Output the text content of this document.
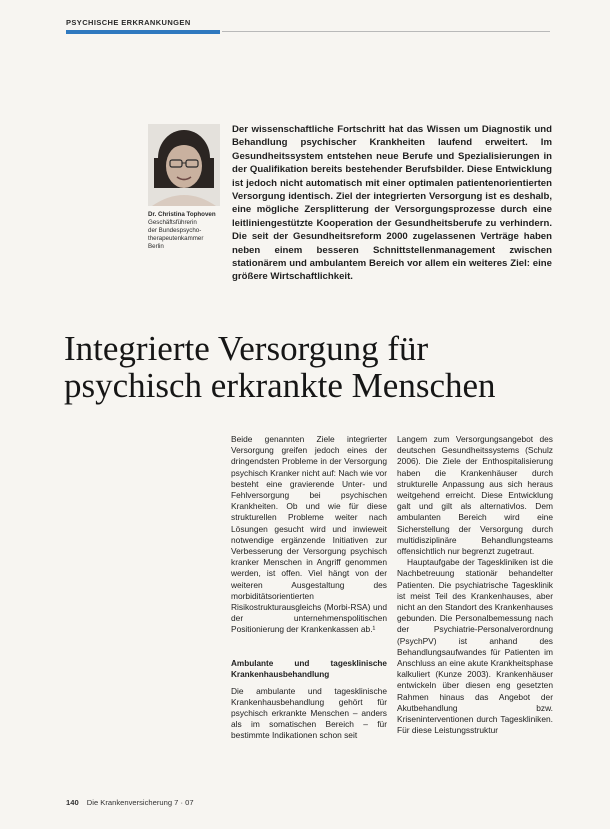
PSYCHISCHE ERKRANKUNGEN
Dr. Christina Tophoven
Geschäftsführerin
der Bundespsycho-
therapeutenkammer
Berlin
Der wissenschaftliche Fortschritt hat das Wissen um Diagnostik und Behandlung psychischer Krankheiten laufend erweitert. Im Gesundheitssystem entstehen neue Berufe und Spezialisierungen in der Qualifikation bereits bestehender Berufsbilder. Diese Entwicklung ist jedoch nicht automatisch mit einer optimalen patientenorientierten Versorgung identisch. Ziel der integrierten Versorgung ist es deshalb, eine mögliche Zersplitterung der Versorgungsprozesse durch eine leitliniengestützte Kooperation der Gesundheitsberufe zu verhindern. Die seit der Gesundheitsreform 2000 zugelassenen Verträge haben neben einem besseren Schnittstellenmanagement zwischen stationärem und ambulantem Bereich vor allem ein weiteres Ziel: eine größere Wirtschaftlichkeit.
Integrierte Versorgung für psychisch erkrankte Menschen

Beide genannten Ziele integrierter Versorgung greifen jedoch eines der dringendsten Probleme in der Versorgung psychisch Kranker nicht auf: Nach wie vor besteht eine gravierende Unter- und Fehlversorgung bei psychischen Krankheiten. Ob und wie für diese strukturellen Probleme weiter nach Lösungen gesucht wird und inwieweit notwendige ergänzende Initiativen zur Verbesserung der Versorgung psychisch kranker Menschen in Angriff genommen werden, ist offen. Viel hängt von der weiteren Ausgestaltung des morbiditätsorientierten Risikostrukturausgleichs (Morbi-RSA) und der unternehmenspolitischen Positionierung der Krankenkassen ab.¹

Ambulante und tagesklinische Krankenhausbehandlung

Die ambulante und tagesklinische Krankenhausbehandlung gehört für psychisch erkrankte Menschen – anders als im somatischen Bereich – für bestimmte Indikationen schon seit

Langem zum Versorgungsangebot des deutschen Gesundheitssystems (Schulz 2006). Die Ziele der Enthospitalisierung haben die Krankenhäuser durch strukturelle Anpassung aus sich heraus weitgehend erreicht. Diese Entwicklung galt und gilt als alternativlos. Dem ambulanten Bereich wird eine Sicherstellung der Versorgung durch multidisziplinäre Behandlungsteams offensichtlich nur begrenzt zugetraut.

Hauptaufgabe der Tageskliniken ist die Nachbetreuung stationär behandelter Patienten. Die psychiatrische Tagesklinik ist meist Teil des Krankenhauses, aber nicht an den Standort des Krankenhauses gebunden. Die Personalbemessung nach der Psychiatrie-Personalverordnung (PsychPV) ist anhand des Behandlungsaufwandes für Patienten im Anschluss an eine akute Krankheitsphase kalkuliert (Kunze 2003). Krankenhäuser entwickeln über diesen eng gesetzten Rahmen hinaus das Angebot der Akutbehandlung bzw. Kriseninterventionen durch Tageskliniken. Für diese Leistungsstruktur

140 Die Krankenversicherung 7 · 07
